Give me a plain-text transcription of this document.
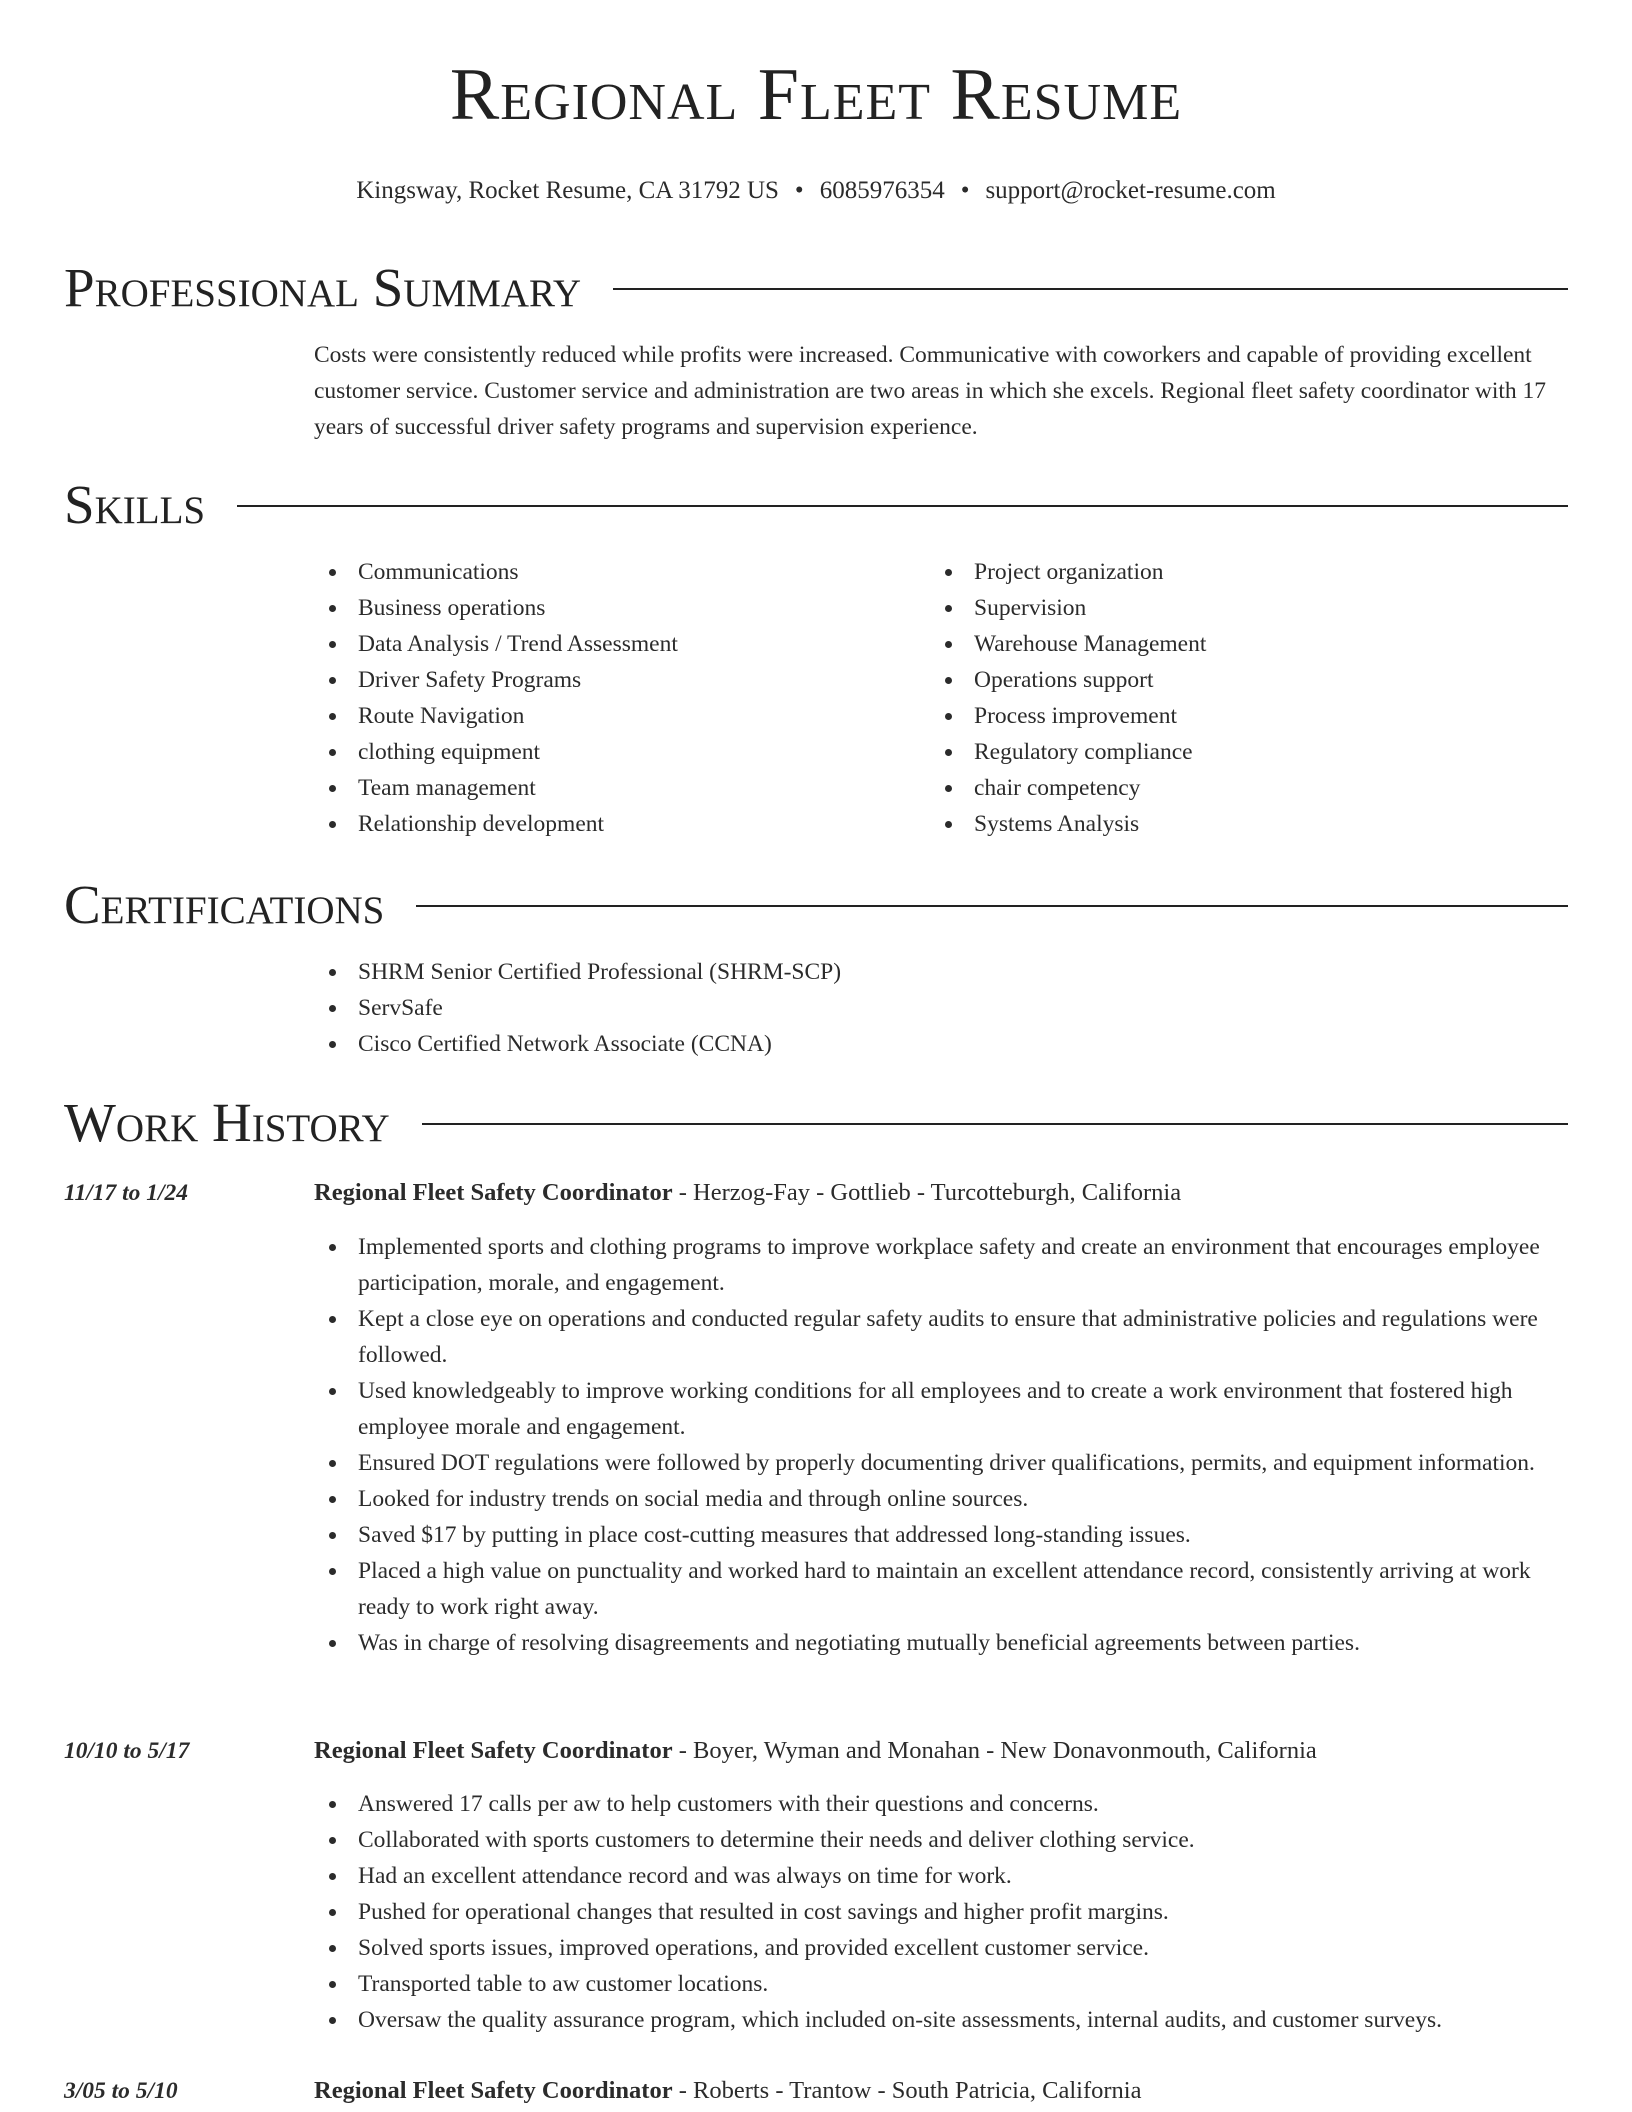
Regional Fleet Resume
Kingsway, Rocket Resume, CA 31792 US • 6085976354 • support@rocket-resume.com
Professional Summary

Costs were consistently reduced while profits were increased. Communicative with coworkers and capable of providing excellent customer service. Customer service and administration are two areas in which she excels. Regional fleet safety coordinator with 17 years of successful driver safety programs and supervision experience.

Skills
Communications
Business operations
Data Analysis / Trend Assessment
Driver Safety Programs
Route Navigation
clothing equipment
Team management
Relationship development
Project organization
Supervision
Warehouse Management
Operations support
Process improvement
Regulatory compliance
chair competency
Systems Analysis
Certifications
SHRM Senior Certified Professional (SHRM-SCP)
ServSafe
Cisco Certified Network Associate (CCNA)
Work History
11/17 to 1/24	Regional Fleet Safety Coordinator - Herzog-Fay - Gottlieb - Turcotteburgh, California
Implemented sports and clothing programs to improve workplace safety and create an environment that encourages employee participation, morale, and engagement.
Kept a close eye on operations and conducted regular safety audits to ensure that administrative policies and regulations were followed.
Used knowledgeably to improve working conditions for all employees and to create a work environment that fostered high employee morale and engagement.
Ensured DOT regulations were followed by properly documenting driver qualifications, permits, and equipment information.
Looked for industry trends on social media and through online sources.
Saved $17 by putting in place cost-cutting measures that addressed long-standing issues.
Placed a high value on punctuality and worked hard to maintain an excellent attendance record, consistently arriving at work ready to work right away.
Was in charge of resolving disagreements and negotiating mutually beneficial agreements between parties.
10/10 to 5/17	Regional Fleet Safety Coordinator - Boyer, Wyman and Monahan - New Donavonmouth, California
Answered 17 calls per aw to help customers with their questions and concerns.
Collaborated with sports customers to determine their needs and deliver clothing service.
Had an excellent attendance record and was always on time for work.
Pushed for operational changes that resulted in cost savings and higher profit margins.
Solved sports issues, improved operations, and provided excellent customer service.
Transported table to aw customer locations.
Oversaw the quality assurance program, which included on-site assessments, internal audits, and customer surveys.
3/05 to 5/10	Regional Fleet Safety Coordinator - Roberts - Trantow - South Patricia, California
